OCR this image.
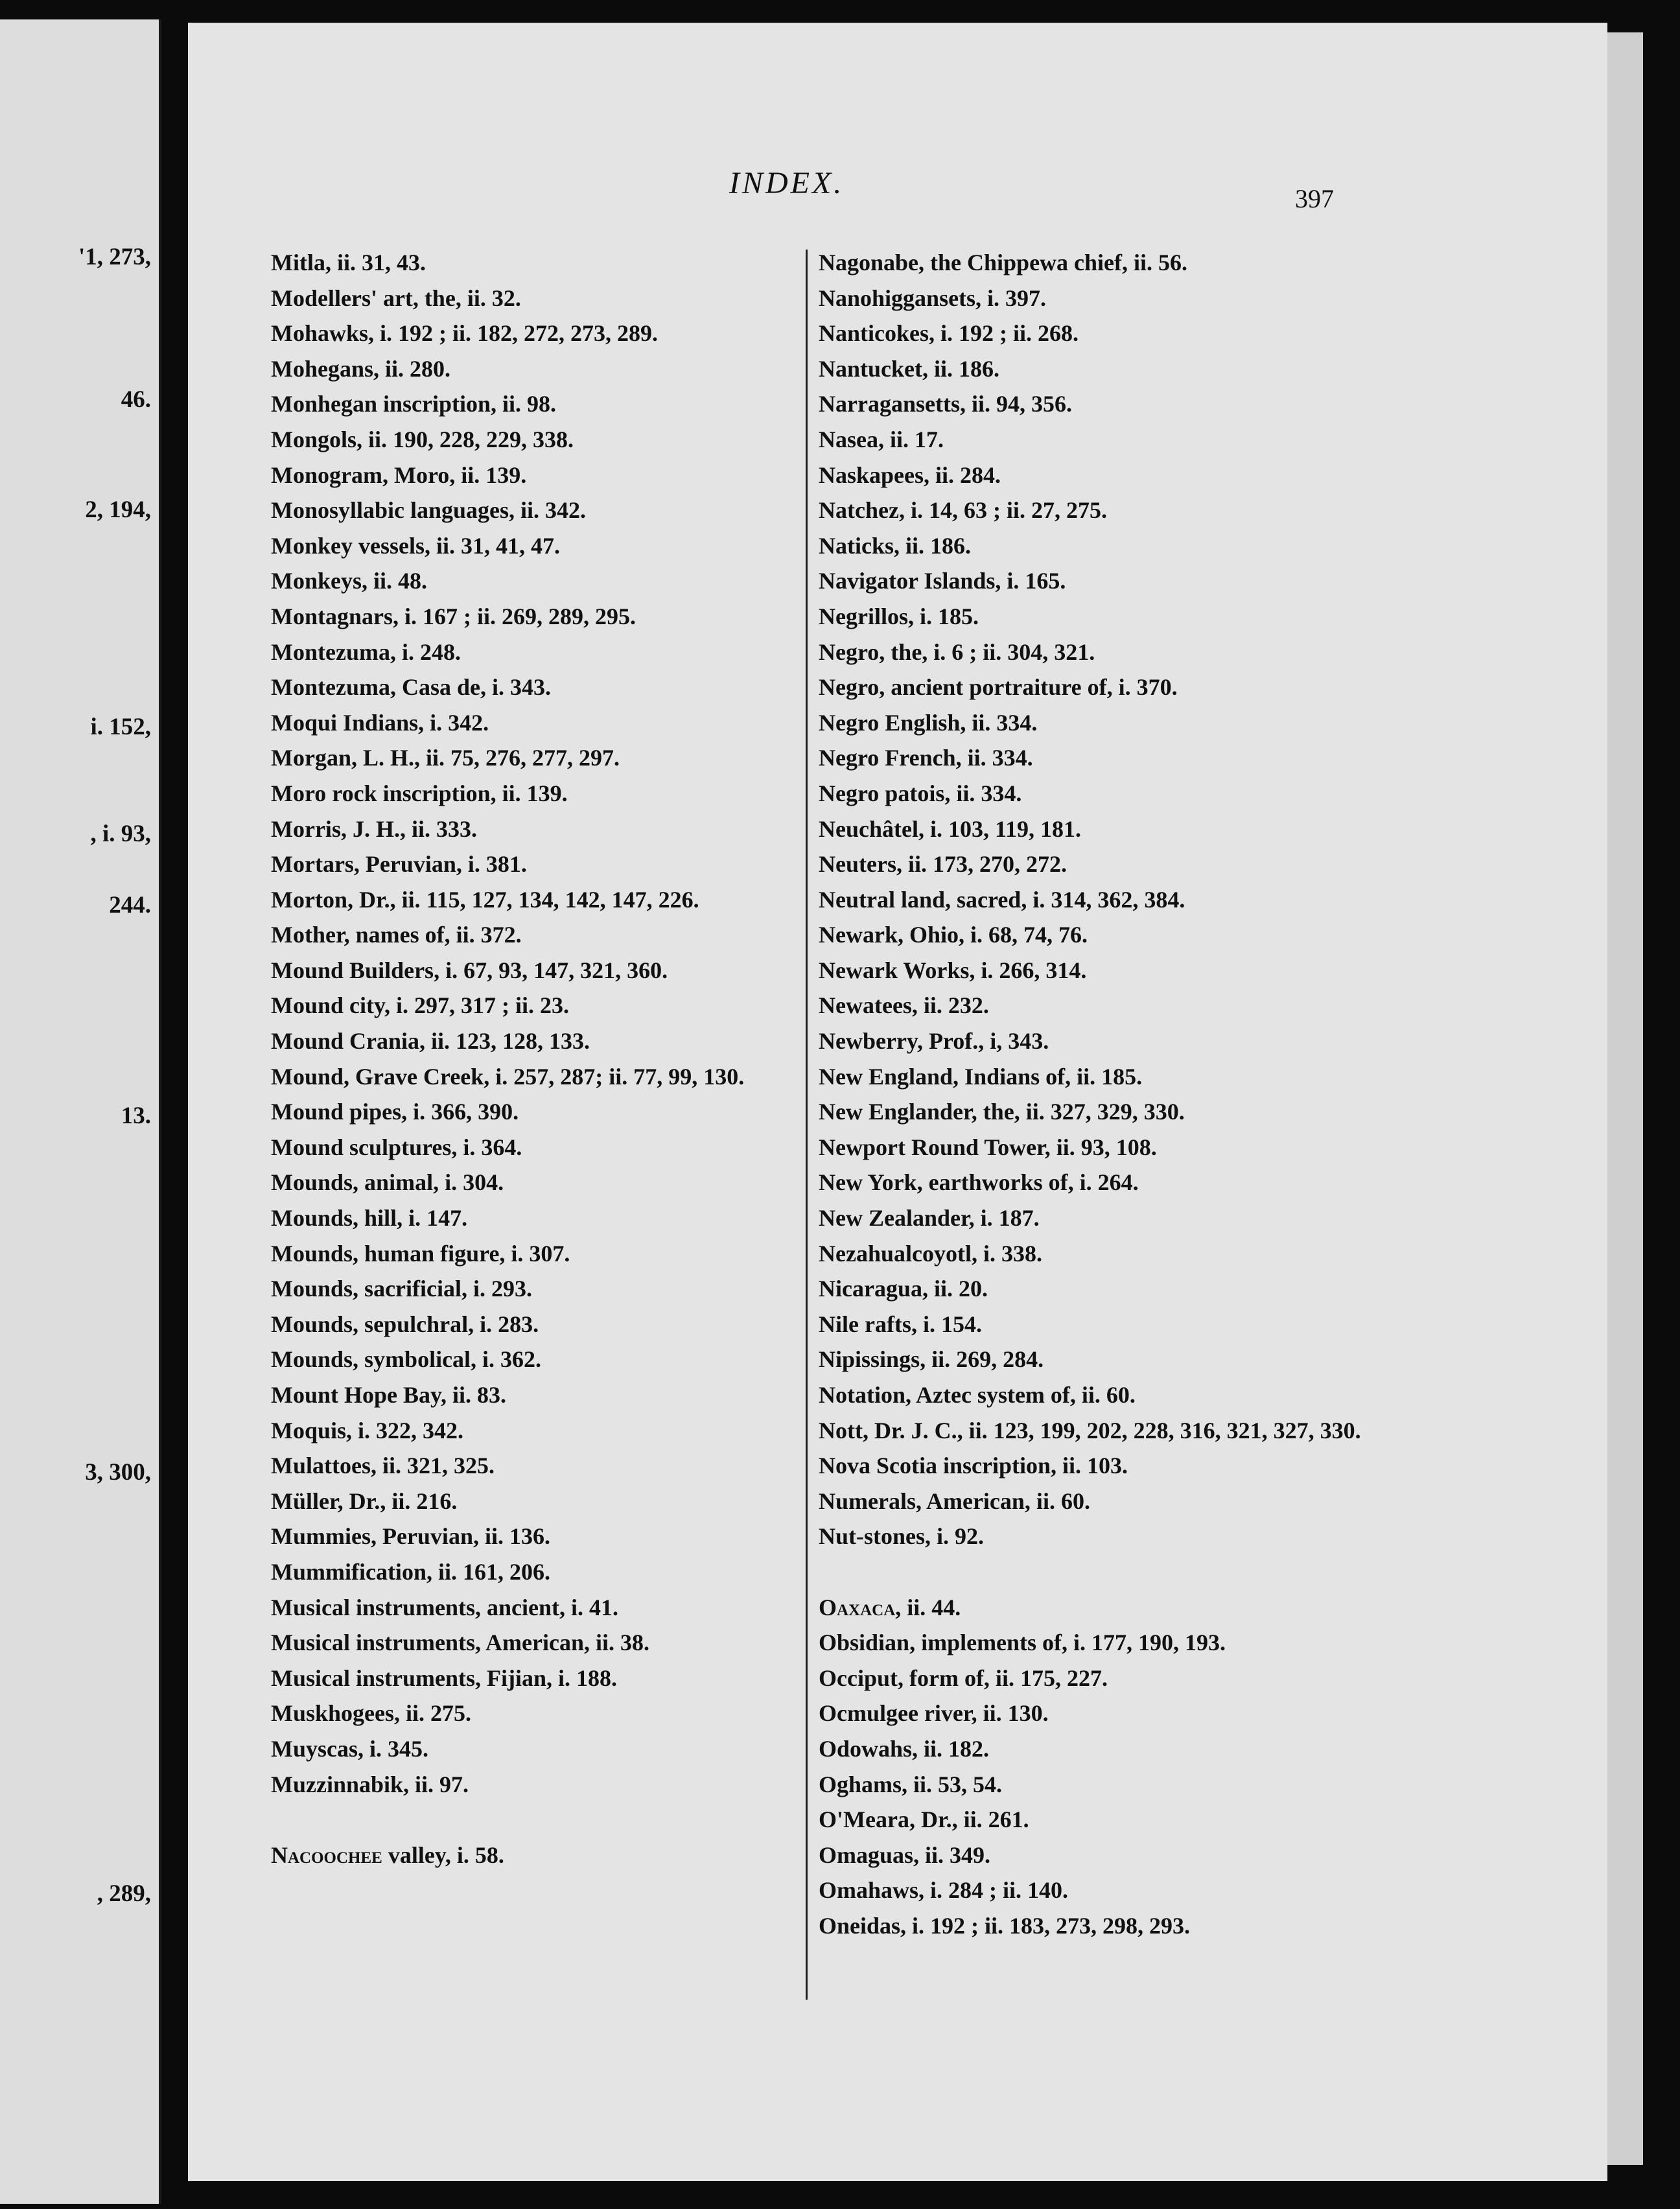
'1, 273,
46.
2, 194,
i. 152,
, i. 93,
244.
13.
3, 300,
, 289,
INDEX.	397
Mitla, ii. 31, 43.
Modellers' art, the, ii. 32.
Mohawks, i. 192 ; ii. 182, 272, 273, 289.
Mohegans, ii. 280.
Monhegan inscription, ii. 98.
Mongols, ii. 190, 228, 229, 338.
Monogram, Moro, ii. 139.
Monosyllabic languages, ii. 342.
Monkey vessels, ii. 31, 41, 47.
Monkeys, ii. 48.
Montagnars, i. 167 ; ii. 269, 289, 295.
Montezuma, i. 248.
Montezuma, Casa de, i. 343.
Moqui Indians, i. 342.
Morgan, L. H., ii. 75, 276, 277, 297.
Moro rock inscription, ii. 139.
Morris, J. H., ii. 333.
Mortars, Peruvian, i. 381.
Morton, Dr., ii. 115, 127, 134, 142, 147, 226.
Mother, names of, ii. 372.
Mound Builders, i. 67, 93, 147, 321, 360.
Mound city, i. 297, 317 ; ii. 23.
Mound Crania, ii. 123, 128, 133.
Mound, Grave Creek, i. 257, 287; ii. 77, 99, 130.
Mound pipes, i. 366, 390.
Mound sculptures, i. 364.
Mounds, animal, i. 304.
Mounds, hill, i. 147.
Mounds, human figure, i. 307.
Mounds, sacrificial, i. 293.
Mounds, sepulchral, i. 283.
Mounds, symbolical, i. 362.
Mount Hope Bay, ii. 83.
Moquis, i. 322, 342.
Mulattoes, ii. 321, 325.
Müller, Dr., ii. 216.
Mummies, Peruvian, ii. 136.
Mummification, ii. 161, 206.
Musical instruments, ancient, i. 41.
Musical instruments, American, ii. 38.
Musical instruments, Fijian, i. 188.
Muskhogees, ii. 275.
Muyscas, i. 345.
Muzzinnabik, ii. 97.
Nacoochee valley, i. 58.
Nagonabe, the Chippewa chief, ii. 56.
Nanohiggansets, i. 397.
Nanticokes, i. 192 ; ii. 268.
Nantucket, ii. 186.
Narragansetts, ii. 94, 356.
Nasea, ii. 17.
Naskapees, ii. 284.
Natchez, i. 14, 63 ; ii. 27, 275.
Naticks, ii. 186.
Navigator Islands, i. 165.
Negrillos, i. 185.
Negro, the, i. 6 ; ii. 304, 321.
Negro, ancient portraiture of, i. 370.
Negro English, ii. 334.
Negro French, ii. 334.
Negro patois, ii. 334.
Neuchâtel, i. 103, 119, 181.
Neuters, ii. 173, 270, 272.
Neutral land, sacred, i. 314, 362, 384.
Newark, Ohio, i. 68, 74, 76.
Newark Works, i. 266, 314.
Newatees, ii. 232.
Newberry, Prof., i, 343.
New England, Indians of, ii. 185.
New Englander, the, ii. 327, 329, 330.
Newport Round Tower, ii. 93, 108.
New York, earthworks of, i. 264.
New Zealander, i. 187.
Nezahualcoyotl, i. 338.
Nicaragua, ii. 20.
Nile rafts, i. 154.
Nipissings, ii. 269, 284.
Notation, Aztec system of, ii. 60.
Nott, Dr. J. C., ii. 123, 199, 202, 228, 316, 321, 327, 330.
Nova Scotia inscription, ii. 103.
Numerals, American, ii. 60.
Nut-stones, i. 92.
Oaxaca, ii. 44.
Obsidian, implements of, i. 177, 190, 193.
Occiput, form of, ii. 175, 227.
Ocmulgee river, ii. 130.
Odowahs, ii. 182.
Oghams, ii. 53, 54.
O'Meara, Dr., ii. 261.
Omaguas, ii. 349.
Omahaws, i. 284 ; ii. 140.
Oneidas, i. 192 ; ii. 183, 273, 298, 293.
